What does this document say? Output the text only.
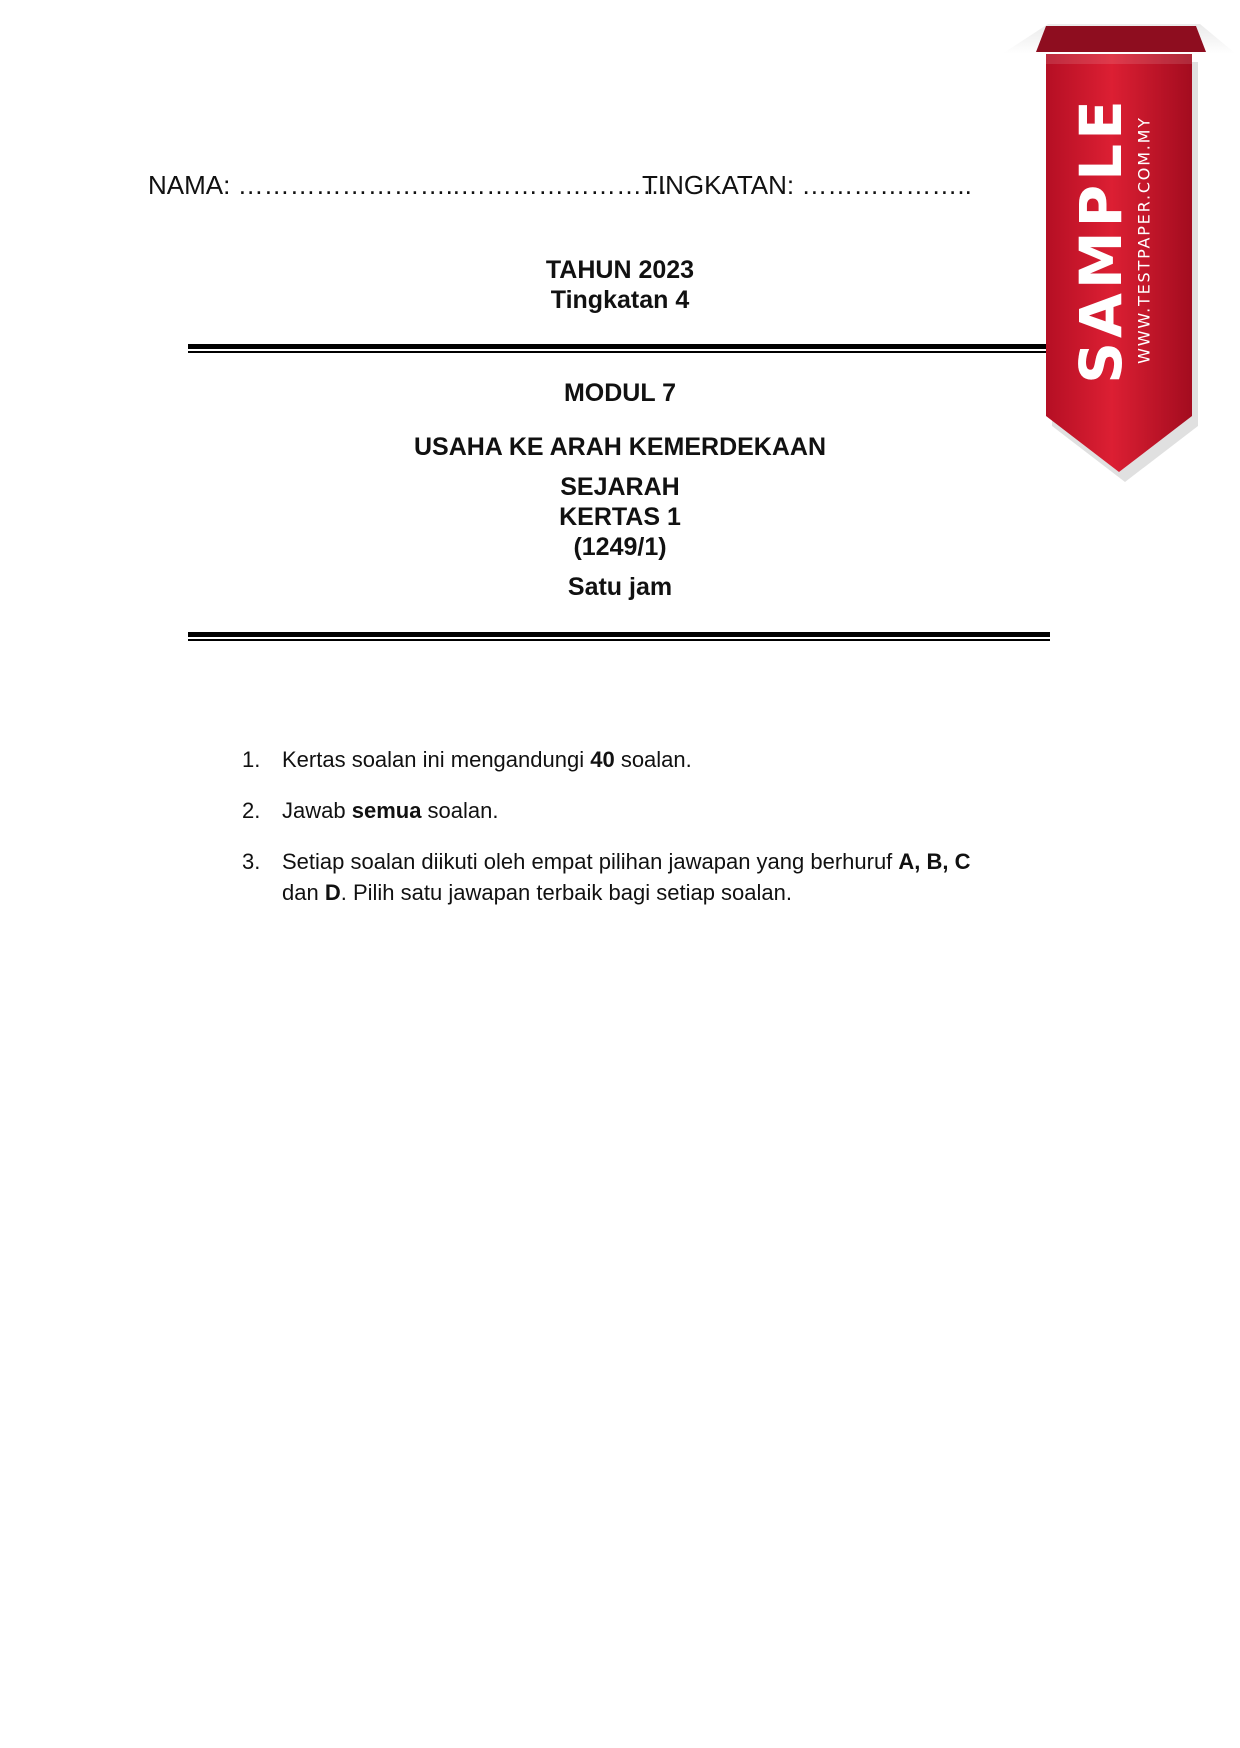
NAMA: ……………………..……………………
TINGKATAN: ………………..
TAHUN 2023
Tingkatan 4
MODUL 7
USAHA KE ARAH KEMERDEKAAN
SEJARAH
KERTAS 1
(1249/1)
Satu jam
1. Kertas soalan ini mengandungi 40 soalan.
2. Jawab semua soalan.
3. Setiap soalan diikuti oleh empat pilihan jawapan yang berhuruf A, B, C dan D. Pilih satu jawapan terbaik bagi setiap soalan.
SAMPLE WWW.TESTPAPER.COM.MY
